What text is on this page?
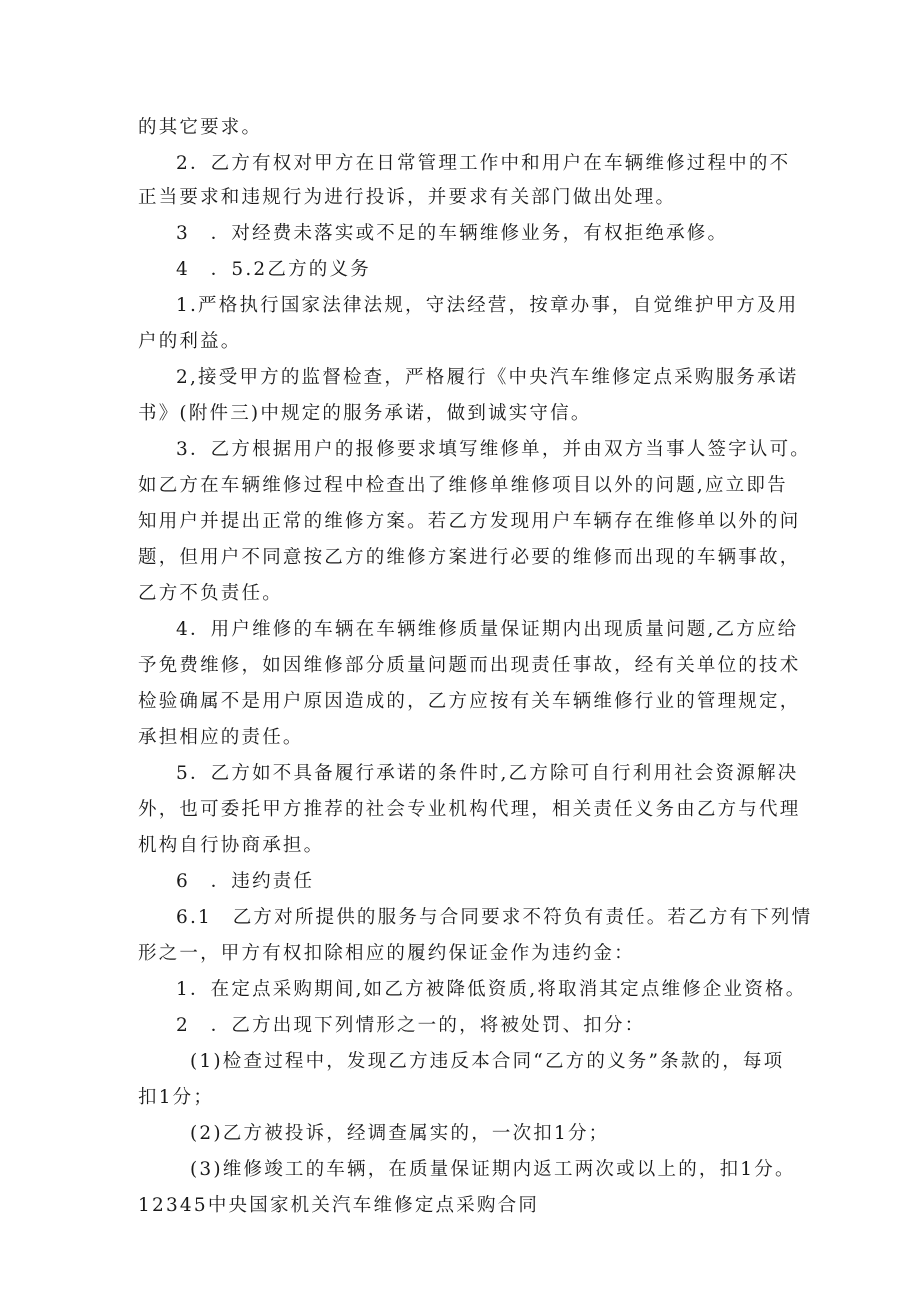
的其它要求。
2．乙方有权对甲方在日常管理工作中和用户在车辆维修过程中的不
正当要求和违规行为进行投诉，并要求有关部门做出处理。
3　．对经费未落实或不足的车辆维修业务，有权拒绝承修。
4　．5.2乙方的义务
1.严格执行国家法律法规，守法经营，按章办事，自觉维护甲方及用
户的利益。
2,接受甲方的监督检查，严格履行《中央汽车维修定点采购服务承诺
书》(附件三)中规定的服务承诺，做到诚实守信。
3．乙方根据用户的报修要求填写维修单，并由双方当事人签字认可。
如乙方在车辆维修过程中检查出了维修单维修项目以外的问题,应立即告
知用户并提出正常的维修方案。若乙方发现用户车辆存在维修单以外的问
题，但用户不同意按乙方的维修方案进行必要的维修而出现的车辆事故，
乙方不负责任。
4．用户维修的车辆在车辆维修质量保证期内出现质量问题,乙方应给
予免费维修，如因维修部分质量问题而出现责任事故，经有关单位的技术
检验确属不是用户原因造成的，乙方应按有关车辆维修行业的管理规定，
承担相应的责任。
5．乙方如不具备履行承诺的条件时,乙方除可自行利用社会资源解决
外，也可委托甲方推荐的社会专业机构代理，相关责任义务由乙方与代理
机构自行协商承担。
6　．违约责任
6.1　乙方对所提供的服务与合同要求不符负有责任。若乙方有下列情
形之一，甲方有权扣除相应的履约保证金作为违约金：
1．在定点采购期间,如乙方被降低资质,将取消其定点维修企业资格。
2　．乙方出现下列情形之一的，将被处罚、扣分：
(1)检查过程中，发现乙方违反本合同“乙方的义务”条款的，每项
扣1分；
(2)乙方被投诉，经调查属实的，一次扣1分；
(3)维修竣工的车辆，在质量保证期内返工两次或以上的，扣1分。
12345中央国家机关汽车维修定点采购合同
